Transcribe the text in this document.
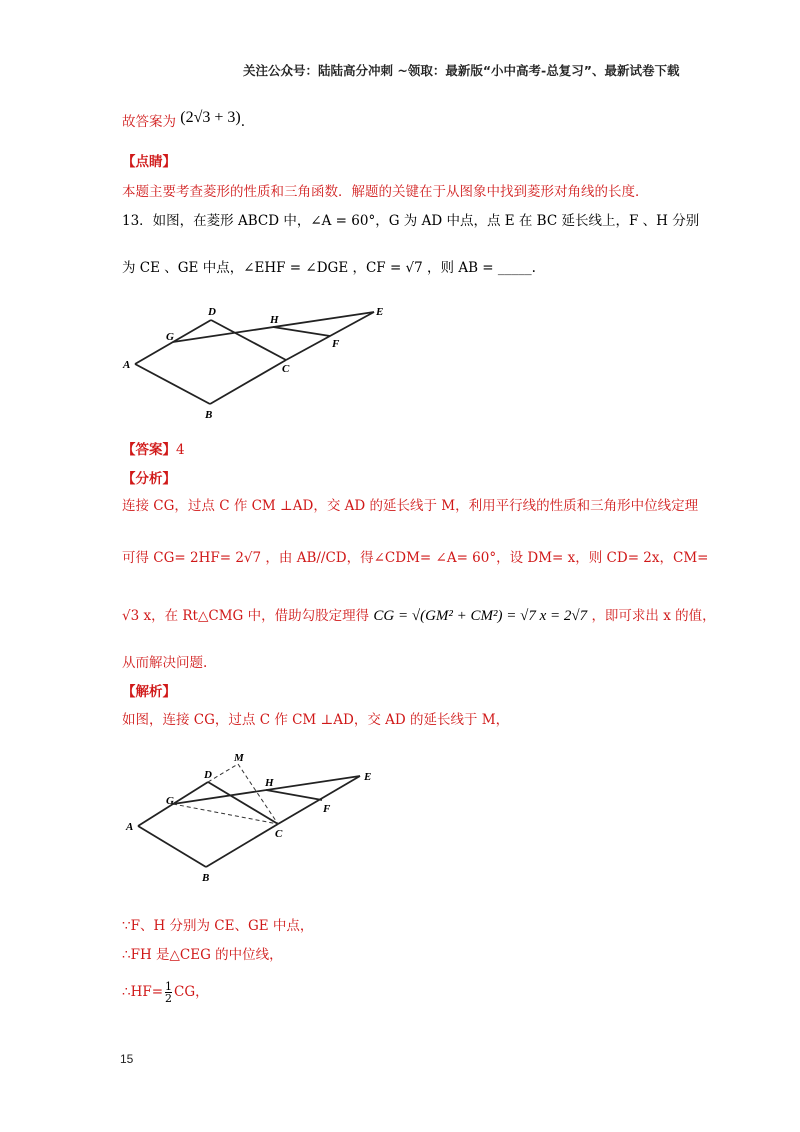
关注公众号：陆陆高分冲刺 ~领取：最新版“小中高考-总复习”、最新试卷下载
故答案为 (2√3 + 3).
【点睛】
本题主要考查菱形的性质和三角函数．解题的关键在于从图象中找到菱形对角线的长度．
13．如图，在菱形 ABCD 中，∠A = 60°，G 为 AD 中点，点 E 在 BC 延长线上，F 、H 分别
为 CE 、GE 中点，∠EHF = ∠DGE ，CF = √7 ，则 AB = _____.
A
B
C
D	E
F
G
H
【答案】4
【分析】
连接 CG，过点 C 作 CM ⊥AD，交 AD 的延长线于 M，利用平行线的性质和三角形中位线定理
可得 CG= 2HF= 2√7 ，由 AB//CD，得∠CDM= ∠A= 60°，设 DM= x，则 CD= 2x，CM=
√3 x，在 Rt△CMG 中，借助勾股定理得 CG = √(GM² + CM²) = √7 x = 2√7 ，即可求出 x 的值，
从而解决问题.
【解析】
如图，连接 CG，过点 C 作 CM ⊥AD，交 AD 的延长线于 M，
A
B
C
D	E
F
G
H
M
∵F、H 分别为 CE、GE 中点，
∴FH 是△CEG 的中位线，
∴HF= $\frac{1}{2}$ CG，
15
